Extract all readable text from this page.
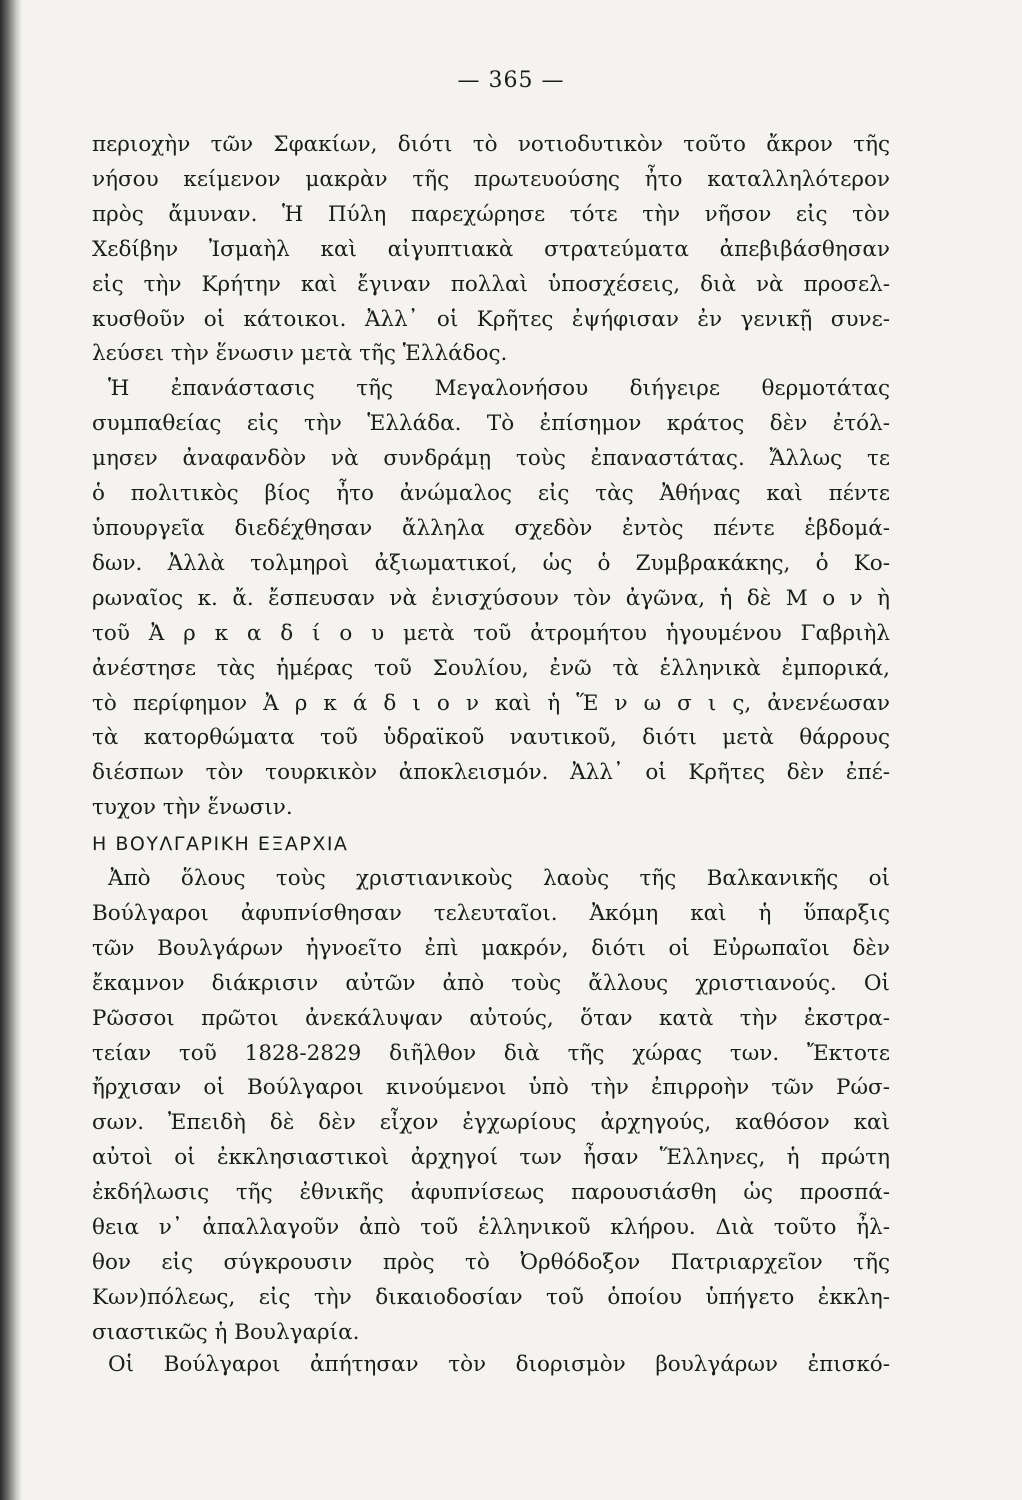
— 365 —
περιοχὴν τῶν Σφακίων, διότι τὸ νοτιοδυτικὸν τοῦτο ἄκρον τῆς
νήσου κείμενον μακρὰν τῆς πρωτευούσης ἦτο καταλληλότερον
πρὸς ἄμυναν. Ἡ Πύλη παρεχώρησε τότε τὴν νῆσον εἰς τὸν
Χεδίβην Ἰσμαὴλ καὶ αἰγυπτιακὰ στρατεύματα ἀπεβιβάσθησαν
εἰς τὴν Κρήτην καὶ ἔγιναν πολλαὶ ὑποσχέσεις, διὰ νὰ προσελ-
κυσθοῦν οἱ κάτοικοι. Ἀλλ᾽ οἱ Κρῆτες ἐψήφισαν ἐν γενικῇ συνε-
λεύσει τὴν ἕνωσιν μετὰ τῆς Ἑλλάδος.
Ἡ ἐπανάστασις τῆς Μεγαλονήσου διήγειρε θερμοτάτας
συμπαθείας εἰς τὴν Ἑλλάδα. Τὸ ἐπίσημον κράτος δὲν ἐτόλ-
μησεν ἀναφανδὸν νὰ συνδράμῃ τοὺς ἐπαναστάτας. Ἄλλως τε
ὁ πολιτικὸς βίος ἦτο ἀνώμαλος εἰς τὰς Ἀθήνας καὶ πέντε
ὑπουργεῖα διεδέχθησαν ἄλληλα σχεδὸν ἐντὸς πέντε ἑβδομά-
δων. Ἀλλὰ τολμηροὶ ἀξιωματικοί, ὡς ὁ Ζυμβρακάκης, ὁ Κο-
ρωναῖος κ. ἄ. ἔσπευσαν νὰ ἐνισχύσουν τὸν ἀγῶνα, ἡ δὲ Μ ο ν ὴ
τοῦ Ἀ ρ κ α δ ί ο υ μετὰ τοῦ ἀτρομήτου ἡγουμένου Γαβριὴλ
ἀνέστησε τὰς ἡμέρας τοῦ Σουλίου, ἐνῶ τὰ ἑλληνικὰ ἐμπορικά,
τὸ περίφημον Ἀ ρ κ ά δ ι ο ν καὶ ἡ Ἕ ν ω σ ι ς, ἀνενέωσαν
τὰ κατορθώματα τοῦ ὑδραϊκοῦ ναυτικοῦ, διότι μετὰ θάρρους
διέσπων τὸν τουρκικὸν ἀποκλεισμόν. Ἀλλ᾽ οἱ Κρῆτες δὲν ἐπέ-
τυχον τὴν ἕνωσιν.
Η ΒΟΥΛΓΑΡΙΚΗ ΕΞΑΡΧΙΑ
Ἀπὸ ὅλους τοὺς χριστιανικοὺς λαοὺς τῆς Βαλκανικῆς οἱ
Βούλγαροι ἀφυπνίσθησαν τελευταῖοι. Ἀκόμη καὶ ἡ ὕπαρξις
τῶν Βουλγάρων ἠγνοεῖτο ἐπὶ μακρόν, διότι οἱ Εὐρωπαῖοι δὲν
ἔκαμνον διάκρισιν αὐτῶν ἀπὸ τοὺς ἄλλους χριστιανούς. Οἱ
Ρῶσσοι πρῶτοι ἀνεκάλυψαν αὐτούς, ὅταν κατὰ τὴν ἐκστρα-
τείαν τοῦ 1828-2829 διῆλθον διὰ τῆς χώρας των. Ἔκτοτε
ἤρχισαν οἱ Βούλγαροι κινούμενοι ὑπὸ τὴν ἐπιρροὴν τῶν Ρώσ-
σων. Ἐπειδὴ δὲ δὲν εἶχον ἐγχωρίους ἀρχηγούς, καθόσον καὶ
αὐτοὶ οἱ ἐκκλησιαστικοὶ ἀρχηγοί των ἦσαν Ἕλληνες, ἡ πρώτη
ἐκδήλωσις τῆς ἐθνικῆς ἀφυπνίσεως παρουσιάσθη ὡς προσπά-
θεια ν᾽ ἀπαλλαγοῦν ἀπὸ τοῦ ἑλληνικοῦ κλήρου. Διὰ τοῦτο ἦλ-
θον εἰς σύγκρουσιν πρὸς τὸ Ὀρθόδοξον Πατριαρχεῖον τῆς
Κων)πόλεως, εἰς τὴν δικαιοδοσίαν τοῦ ὁποίου ὑπήγετο ἐκκλη-
σιαστικῶς ἡ Βουλγαρία.
Οἱ Βούλγαροι ἀπήτησαν τὸν διορισμὸν βουλγάρων ἐπισκό-
